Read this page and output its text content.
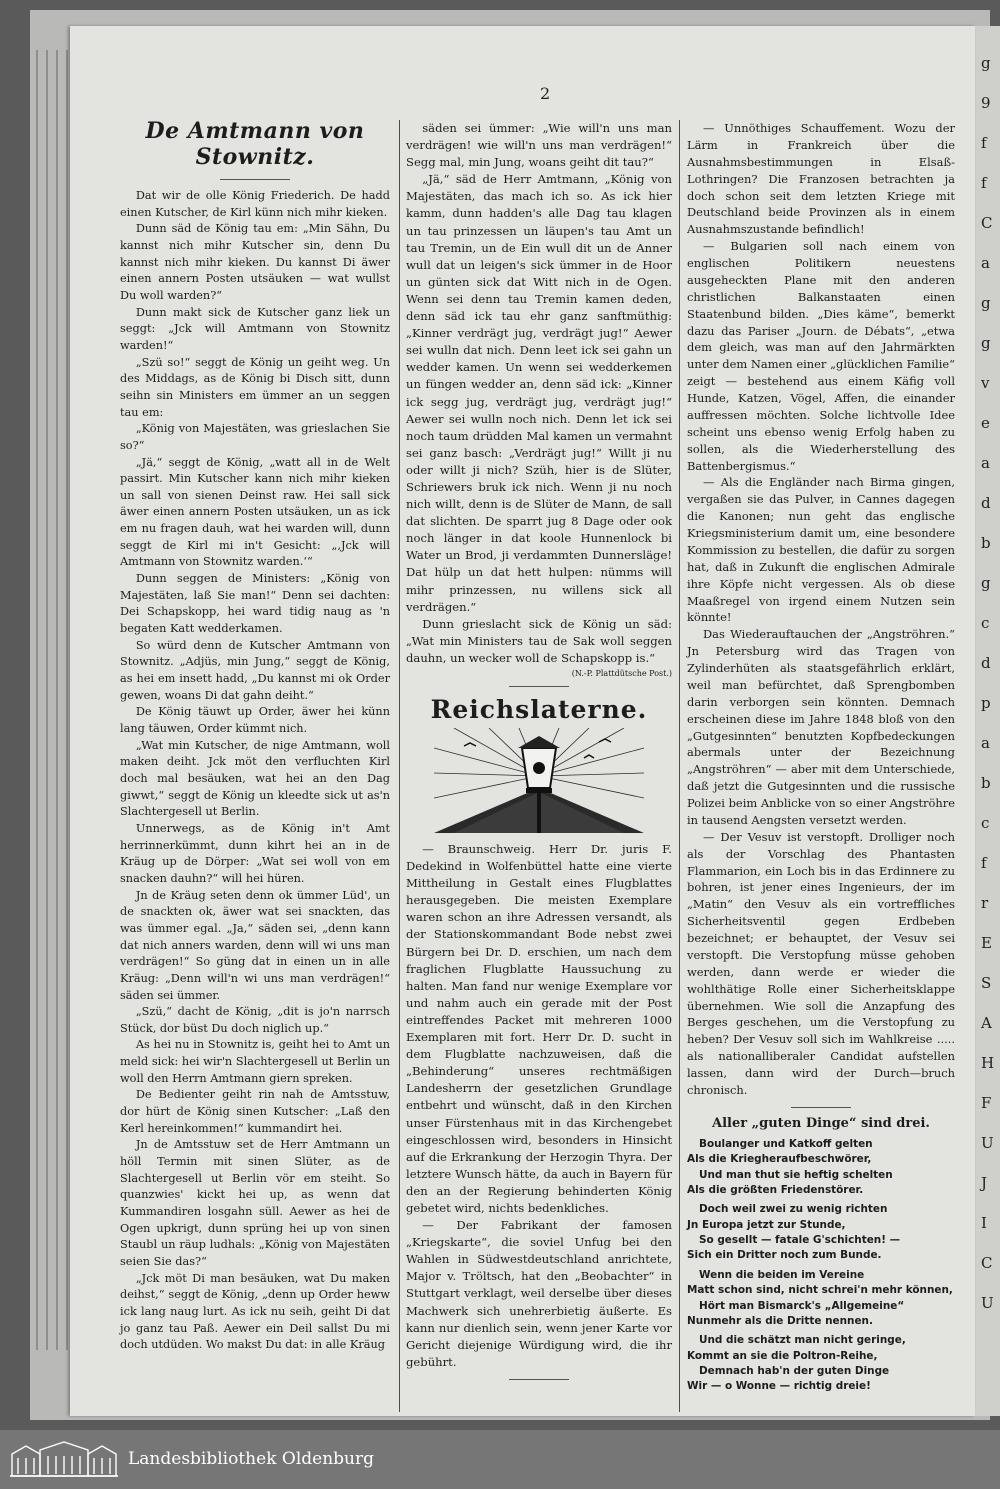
g
9
f
f
C
a
g
g
v
e
a
d
b
g
c
d
p
a
b
c
f
r
E
S
A
H
F
U
J
I
C
U
2
De Amtmann von Stownitz.

Dat wir de olle König Friederich. De hadd einen Kutscher, de Kirl künn nich mihr kieken.

Dunn säd de König tau em: „Min Sähn, Du kannst nich mihr Kutscher sin, denn Du kannst nich mihr kieken. Du kannst Di äwer einen annern Posten utsäuken — wat wullst Du woll warden?“

Dunn makt sick de Kutscher ganz liek un seggt: „Jck will Amtmann von Stownitz warden!“

„Szü so!“ seggt de König un geiht weg. Un des Middags, as de König bi Disch sitt, dunn seihn sin Ministers em ümmer an un seggen tau em:

„König von Majestäten, was grieslachen Sie so?“

„Jä,“ seggt de König, „watt all in de Welt passirt. Min Kutscher kann nich mihr kieken un sall von sienen Deinst raw. Hei sall sick äwer einen annern Posten utsäuken, un as ick em nu fragen dauh, wat hei warden will, dunn seggt de Kirl mi in't Gesicht: „‚Jck will Amtmann von Stownitz warden.‘“

Dunn seggen de Ministers: „König von Majestäten, laß Sie man!“ Denn sei dachten: Dei Schapskopp, hei ward tidig naug as 'n begaten Katt wedderkamen.

So würd denn de Kutscher Amtmann von Stownitz. „Adjüs, min Jung,“ seggt de König, as hei em insett hadd, „Du kannst mi ok Order gewen, woans Di dat gahn deiht.“

De König täuwt up Order, äwer hei künn lang täuwen, Order kümmt nich.

„Wat min Kutscher, de nige Amtmann, woll maken deiht. Jck möt den verfluchten Kirl doch mal besäuken, wat hei an den Dag giwwt,“ seggt de König un kleedte sick ut as'n Slachtergesell ut Berlin.

Unnerwegs, as de König in't Amt herrinnerkümmt, dunn kihrt hei an in de Kräug up de Dörper: „Wat sei woll von em snacken dauhn?“ will hei hüren.

Jn de Kräug seten denn ok ümmer Lüd', un de snackten ok, äwer wat sei snackten, das was ümmer egal. „Ja,“ säden sei, „denn kann dat nich anners warden, denn will wi uns man verdrägen!“ So güng dat in einen un in alle Kräug: „Denn will'n wi uns man verdrägen!“ säden sei ümmer.

„Szü,“ dacht de König, „dit is jo'n narrsch Stück, dor büst Du doch niglich up.“

As hei nu in Stownitz is, geiht hei to Amt un meld sick: hei wir'n Slachtergesell ut Berlin un woll den Herrn Amtmann giern spreken.

De Bedienter geiht rin nah de Amtsstuw, dor hürt de König sinen Kutscher: „Laß den Kerl hereinkommen!“ kummandirt hei.

Jn de Amtsstuw set de Herr Amtmann un höll Termin mit sinen Slüter, as de Slachtergesell ut Berlin vör em steiht. So quanzwies' kickt hei up, as wenn dat Kummandiren losgahn süll. Aewer as hei de Ogen upkrigt, dunn sprüng hei up von sinen Staubl un räup ludhals: „König von Majestäten seien Sie das?“

„Jck möt Di man besäuken, wat Du maken deihst,“ seggt de König, „denn up Order heww ick lang naug lurt. As ick nu seih, geiht Di dat jo ganz tau Paß. Aewer ein Deil sallst Du mi doch utdüden. Wo makst Du dat: in alle Kräug

säden sei ümmer: „Wie will'n uns man verdrägen! wie will'n uns man verdrägen!“ Segg mal, min Jung, woans geiht dit tau?“

„Jä,“ säd de Herr Amtmann, „König von Majestäten, das mach ich so. As ick hier kamm, dunn hadden's alle Dag tau klagen un tau prinzessen un läupen's tau Amt un tau Tremin, un de Ein wull dit un de Anner wull dat un leigen's sick ümmer in de Hoor un günten sick dat Witt nich in de Ogen. Wenn sei denn tau Tremin kamen deden, denn säd ick tau ehr ganz sanftmüthig: „Kinner verdrägt jug, verdrägt jug!“ Aewer sei wulln dat nich. Denn leet ick sei gahn un wedder kamen. Un wenn sei wedderkemen un füngen wedder an, denn säd ick: „Kinner ick segg jug, verdrägt jug, verdrägt jug!“ Aewer sei wulln noch nich. Denn let ick sei noch taum drüdden Mal kamen un vermahnt sei ganz basch: „Verdrägt jug!“ Willt ji nu oder willt ji nich? Szüh, hier is de Slüter, Schriewers bruk ick nich. Wenn ji nu noch nich willt, denn is de Slüter de Mann, de sall dat slichten. De sparrt jug 8 Dage oder ook noch länger in dat koole Hunnenlock bi Water un Brod, ji verdammten Dunnersläge! Dat hülp un dat hett hulpen: nümms will mihr prinzessen, nu willens sick all verdrägen.“

Dunn grieslacht sick de König un säd: „Wat min Ministers tau de Sak woll seggen dauhn, un wecker woll de Schapskopp is.“

(N.-P. Plattdütsche Post.)
Reichslaterne.

— Braunschweig. Herr Dr. juris F. Dedekind in Wolfenbüttel hatte eine vierte Mittheilung in Gestalt eines Flugblattes herausgegeben. Die meisten Exemplare waren schon an ihre Adressen versandt, als der Stationskommandant Bode nebst zwei Bürgern bei Dr. D. erschien, um nach dem fraglichen Flugblatte Haussuchung zu halten. Man fand nur wenige Exemplare vor und nahm auch ein gerade mit der Post eintreffendes Packet mit mehreren 1000 Exemplaren mit fort. Herr Dr. D. sucht in dem Flugblatte nachzuweisen, daß die „Behinderung“ unseres rechtmäßigen Landesherrn der gesetzlichen Grundlage entbehrt und wünscht, daß in den Kirchen unser Fürstenhaus mit in das Kirchengebet eingeschlossen wird, besonders in Hinsicht auf die Erkrankung der Herzogin Thyra. Der letztere Wunsch hätte, da auch in Bayern für den an der Regierung behinderten König gebetet wird, nichts bedenkliches.

— Der Fabrikant der famosen „Kriegskarte“, die soviel Unfug bei den Wahlen in Südwestdeutschland anrichtete, Major v. Tröltsch, hat den „Beobachter“ in Stuttgart verklagt, weil derselbe über dieses Machwerk sich unehrerbietig äußerte. Es kann nur dienlich sein, wenn jener Karte vor Gericht diejenige Würdigung wird, die ihr gebührt.

— Unnöthiges Schauffement. Wozu der Lärm in Frankreich über die Ausnahmsbestimmungen in Elsaß-Lothringen? Die Franzosen betrachten ja doch schon seit dem letzten Kriege mit Deutschland beide Provinzen als in einem Ausnahmszustande befindlich!

— Bulgarien soll nach einem von englischen Politikern neuestens ausgeheckten Plane mit den anderen christlichen Balkanstaaten einen Staatenbund bilden. „Dies käme“, bemerkt dazu das Pariser „Journ. de Débats“, „etwa dem gleich, was man auf den Jahrmärkten unter dem Namen einer „glücklichen Familie“ zeigt — bestehend aus einem Käfig voll Hunde, Katzen, Vögel, Affen, die einander auffressen möchten. Solche lichtvolle Idee scheint uns ebenso wenig Erfolg haben zu sollen, als die Wiederherstellung des Battenbergismus.“

— Als die Engländer nach Birma gingen, vergaßen sie das Pulver, in Cannes dagegen die Kanonen; nun geht das englische Kriegsministerium damit um, eine besondere Kommission zu bestellen, die dafür zu sorgen hat, daß in Zukunft die englischen Admirale ihre Köpfe nicht vergessen. Als ob diese Maaßregel von irgend einem Nutzen sein könnte!

Das Wiederauftauchen der „Angströhren.“ Jn Petersburg wird das Tragen von Zylinderhüten als staatsgefährlich erklärt, weil man befürchtet, daß Sprengbomben darin verborgen sein könnten. Demnach erscheinen diese im Jahre 1848 bloß von den „Gutgesinnten“ benutzten Kopfbedeckungen abermals unter der Bezeichnung „Angströhren“ — aber mit dem Unterschiede, daß jetzt die Gutgesinnten und die russische Polizei beim Anblicke von so einer Angströhre in tausend Aengsten versetzt werden.

— Der Vesuv ist verstopft. Drolliger noch als der Vorschlag des Phantasten Flammarion, ein Loch bis in das Erdinnere zu bohren, ist jener eines Ingenieurs, der im „Matin“ den Vesuv als ein vortreffliches Sicherheitsventil gegen Erdbeben bezeichnet; er behauptet, der Vesuv sei verstopft. Die Verstopfung müsse gehoben werden, dann werde er wieder die wohlthätige Rolle einer Sicherheitsklappe übernehmen. Wie soll die Anzapfung des Berges geschehen, um die Verstopfung zu heben? Der Vesuv soll sich im Wahlkreise ..... als nationalliberaler Candidat aufstellen lassen, dann wird der Durch—bruch chronisch.

Aller „guten Dinge“ sind drei.
Boulanger und Katkoff gelten
Als die Kriegheraufbeschwörer,
Und man thut sie heftig schelten
Als die größten Friedenstörer.
Doch weil zwei zu wenig richten
Jn Europa jetzt zur Stunde,
So gesellt — fatale G'schichten! —
Sich ein Dritter noch zum Bunde.
Wenn die beiden im Vereine
Matt schon sind, nicht schrei'n mehr können,
Hört man Bismarck's „Allgemeine“
Nunmehr als die Dritte nennen.
Und die schätzt man nicht geringe,
Kommt an sie die Poltron-Reihe,
Demnach hab'n der guten Dinge
Wir — o Wonne — richtig dreie!
Landesbibliothek Oldenburg
